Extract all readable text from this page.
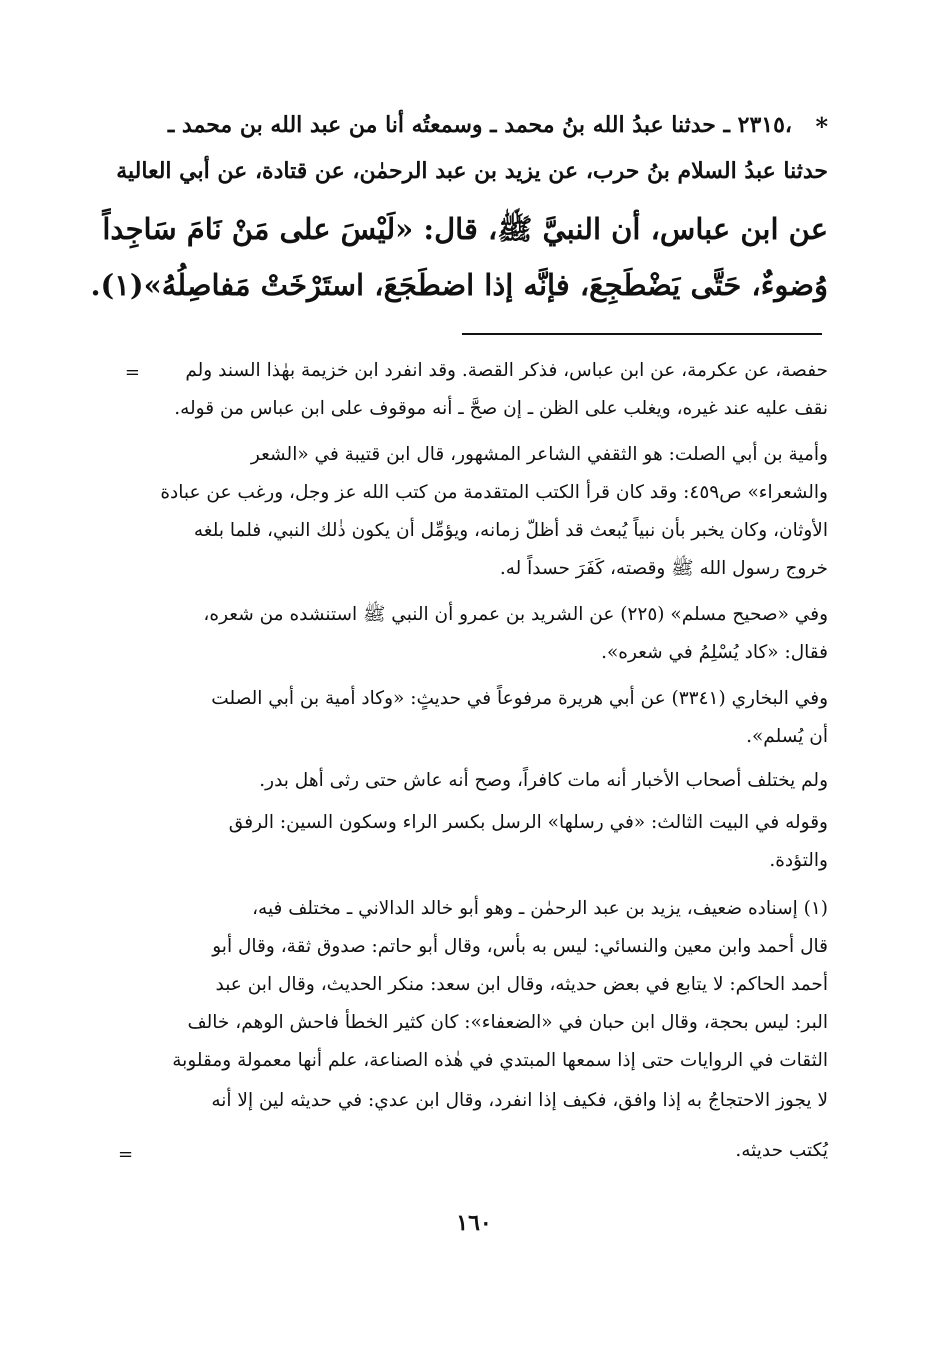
*
٢٣١٥ ـ حدثنا عبدُ الله بنُ محمد ـ وسمعتُه أنا من عبد الله بن محمد ـ،
حدثنا عبدُ السلام بنُ حرب، عن يزيد بن عبد الرحمٰن، عن قتادة، عن أبي العالية
عن ابن عباس، أن النبيَّ ﷺ، قال: «لَيْسَ على مَنْ نَامَ سَاجِداً
وُضوءٌ، حَتَّى يَضْطَجِعَ، فإنَّه إذا اضطَجَعَ، استَرْخَتْ مَفاصِلُهُ»(١).
=	حفصة، عن عكرمة، عن ابن عباس، فذكر القصة. وقد انفرد ابن خزيمة بهٰذا السند ولم
نقف عليه عند غيره، ويغلب على الظن ـ إن صحَّ ـ أنه موقوف على ابن عباس من قوله.
وأمية بن أبي الصلت: هو الثقفي الشاعر المشهور، قال ابن قتيبة في «الشعر
والشعراء» ص٤٥٩: وقد كان قرأ الكتب المتقدمة من كتب الله عز وجل، ورغب عن عبادة
الأوثان، وكان يخبر بأن نبياً يُبعث قد أظلّ زمانه، ويؤمِّل أن يكون ذٰلك النبي، فلما بلغه
خروج رسول الله ﷺ وقصته، كَفَرَ حسداً له.
وفي «صحيح مسلم» (٢٢٥) عن الشريد بن عمرو أن النبي ﷺ استنشده من شعره،
فقال: «كاد يُسْلِمُ في شعره».
وفي البخاري (٣٣٤١) عن أبي هريرة مرفوعاً في حديثٍ: «وكاد أمية بن أبي الصلت
أن يُسلم».
ولم يختلف أصحاب الأخبار أنه مات كافراً، وصح أنه عاش حتى رثى أهل بدر.
وقوله في البيت الثالث: «في رسلها» الرسل بكسر الراء وسكون السين: الرفق
والتؤدة.
(١) إسناده ضعيف، يزيد بن عبد الرحمٰن ـ وهو أبو خالد الدالاني ـ مختلف فيه،
قال أحمد وابن معين والنسائي: ليس به بأس، وقال أبو حاتم: صدوق ثقة، وقال أبو
أحمد الحاكم: لا يتابع في بعض حديثه، وقال ابن سعد: منكر الحديث، وقال ابن عبد
البر: ليس بحجة، وقال ابن حبان في «الضعفاء»: كان كثير الخطأ فاحش الوهم، خالف
الثقات في الروايات حتى إذا سمعها المبتدي في هٰذه الصناعة، علم أنها معمولة ومقلوبة
لا يجوز الاحتجاجُ به إذا وافق، فكيف إذا انفرد، وقال ابن عدي: في حديثه لين إلا أنه
يُكتب حديثه.
=
١٦٠
